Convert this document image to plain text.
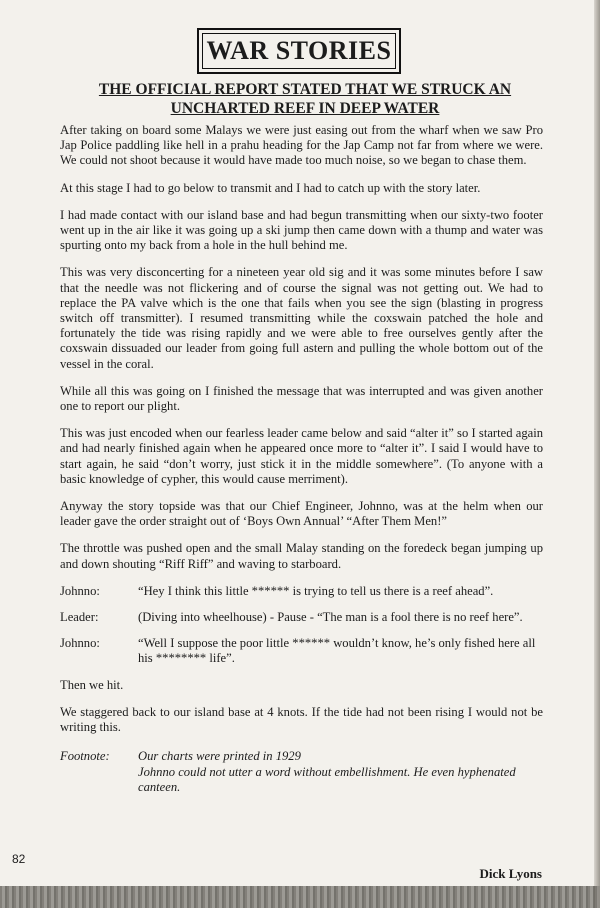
WAR STORIES
THE OFFICIAL REPORT STATED THAT WE STRUCK AN
UNCHARTED REEF IN DEEP WATER

After taking on board some Malays we were just easing out from the wharf when we saw Pro Jap Police paddling like hell in a prahu heading for the Jap Camp not far from where we were. We could not shoot because it would have made too much noise, so we began to chase them.

At this stage I had to go below to transmit and I had to catch up with the story later.

I had made contact with our island base and had begun transmitting when our sixty-two footer went up in the air like it was going up a ski jump then came down with a thump and water was spurting onto my back from a hole in the hull behind me.

This was very disconcerting for a nineteen year old sig and it was some minutes before I saw that the needle was not flickering and of course the signal was not getting out. We had to replace the PA valve which is the one that fails when you see the sign (blasting in progress switch off transmitter). I resumed transmitting while the coxswain patched the hole and fortunately the tide was rising rapidly and we were able to free ourselves gently after the coxswain dissuaded our leader from going full astern and pulling the whole bottom out of the vessel in the coral.

While all this was going on I finished the message that was interrupted and was given another one to report our plight.

This was just encoded when our fearless leader came below and said “alter it” so I started again and had nearly finished again when he appeared once more to “alter it”. I said I would have to start again, he said “don’t worry, just stick it in the middle somewhere”. (To anyone with a basic knowledge of cypher, this would cause merriment).

Anyway the story topside was that our Chief Engineer, Johnno, was at the helm when our leader gave the order straight out of ‘Boys Own Annual’ “After Them Men!”

The throttle was pushed open and the small Malay standing on the foredeck began jumping up and down shouting “Riff Riff” and waving to starboard.

Johnno:	“Hey I think this little ****** is trying to tell us there is a reef ahead”.
Leader:	(Diving into wheelhouse) - Pause - “The man is a fool there is no reef here”.
Johnno:	“Well I suppose the poor little ****** wouldn’t know, he’s only fished here all his ******** life”.

Then we hit.

We staggered back to our island base at 4 knots. If the tide had not been rising I would not be writing this.

Footnote:	Our charts were printed in 1929
Johnno could not utter a word without embellishment. He even hyphenated canteen.
82
Dick Lyons
